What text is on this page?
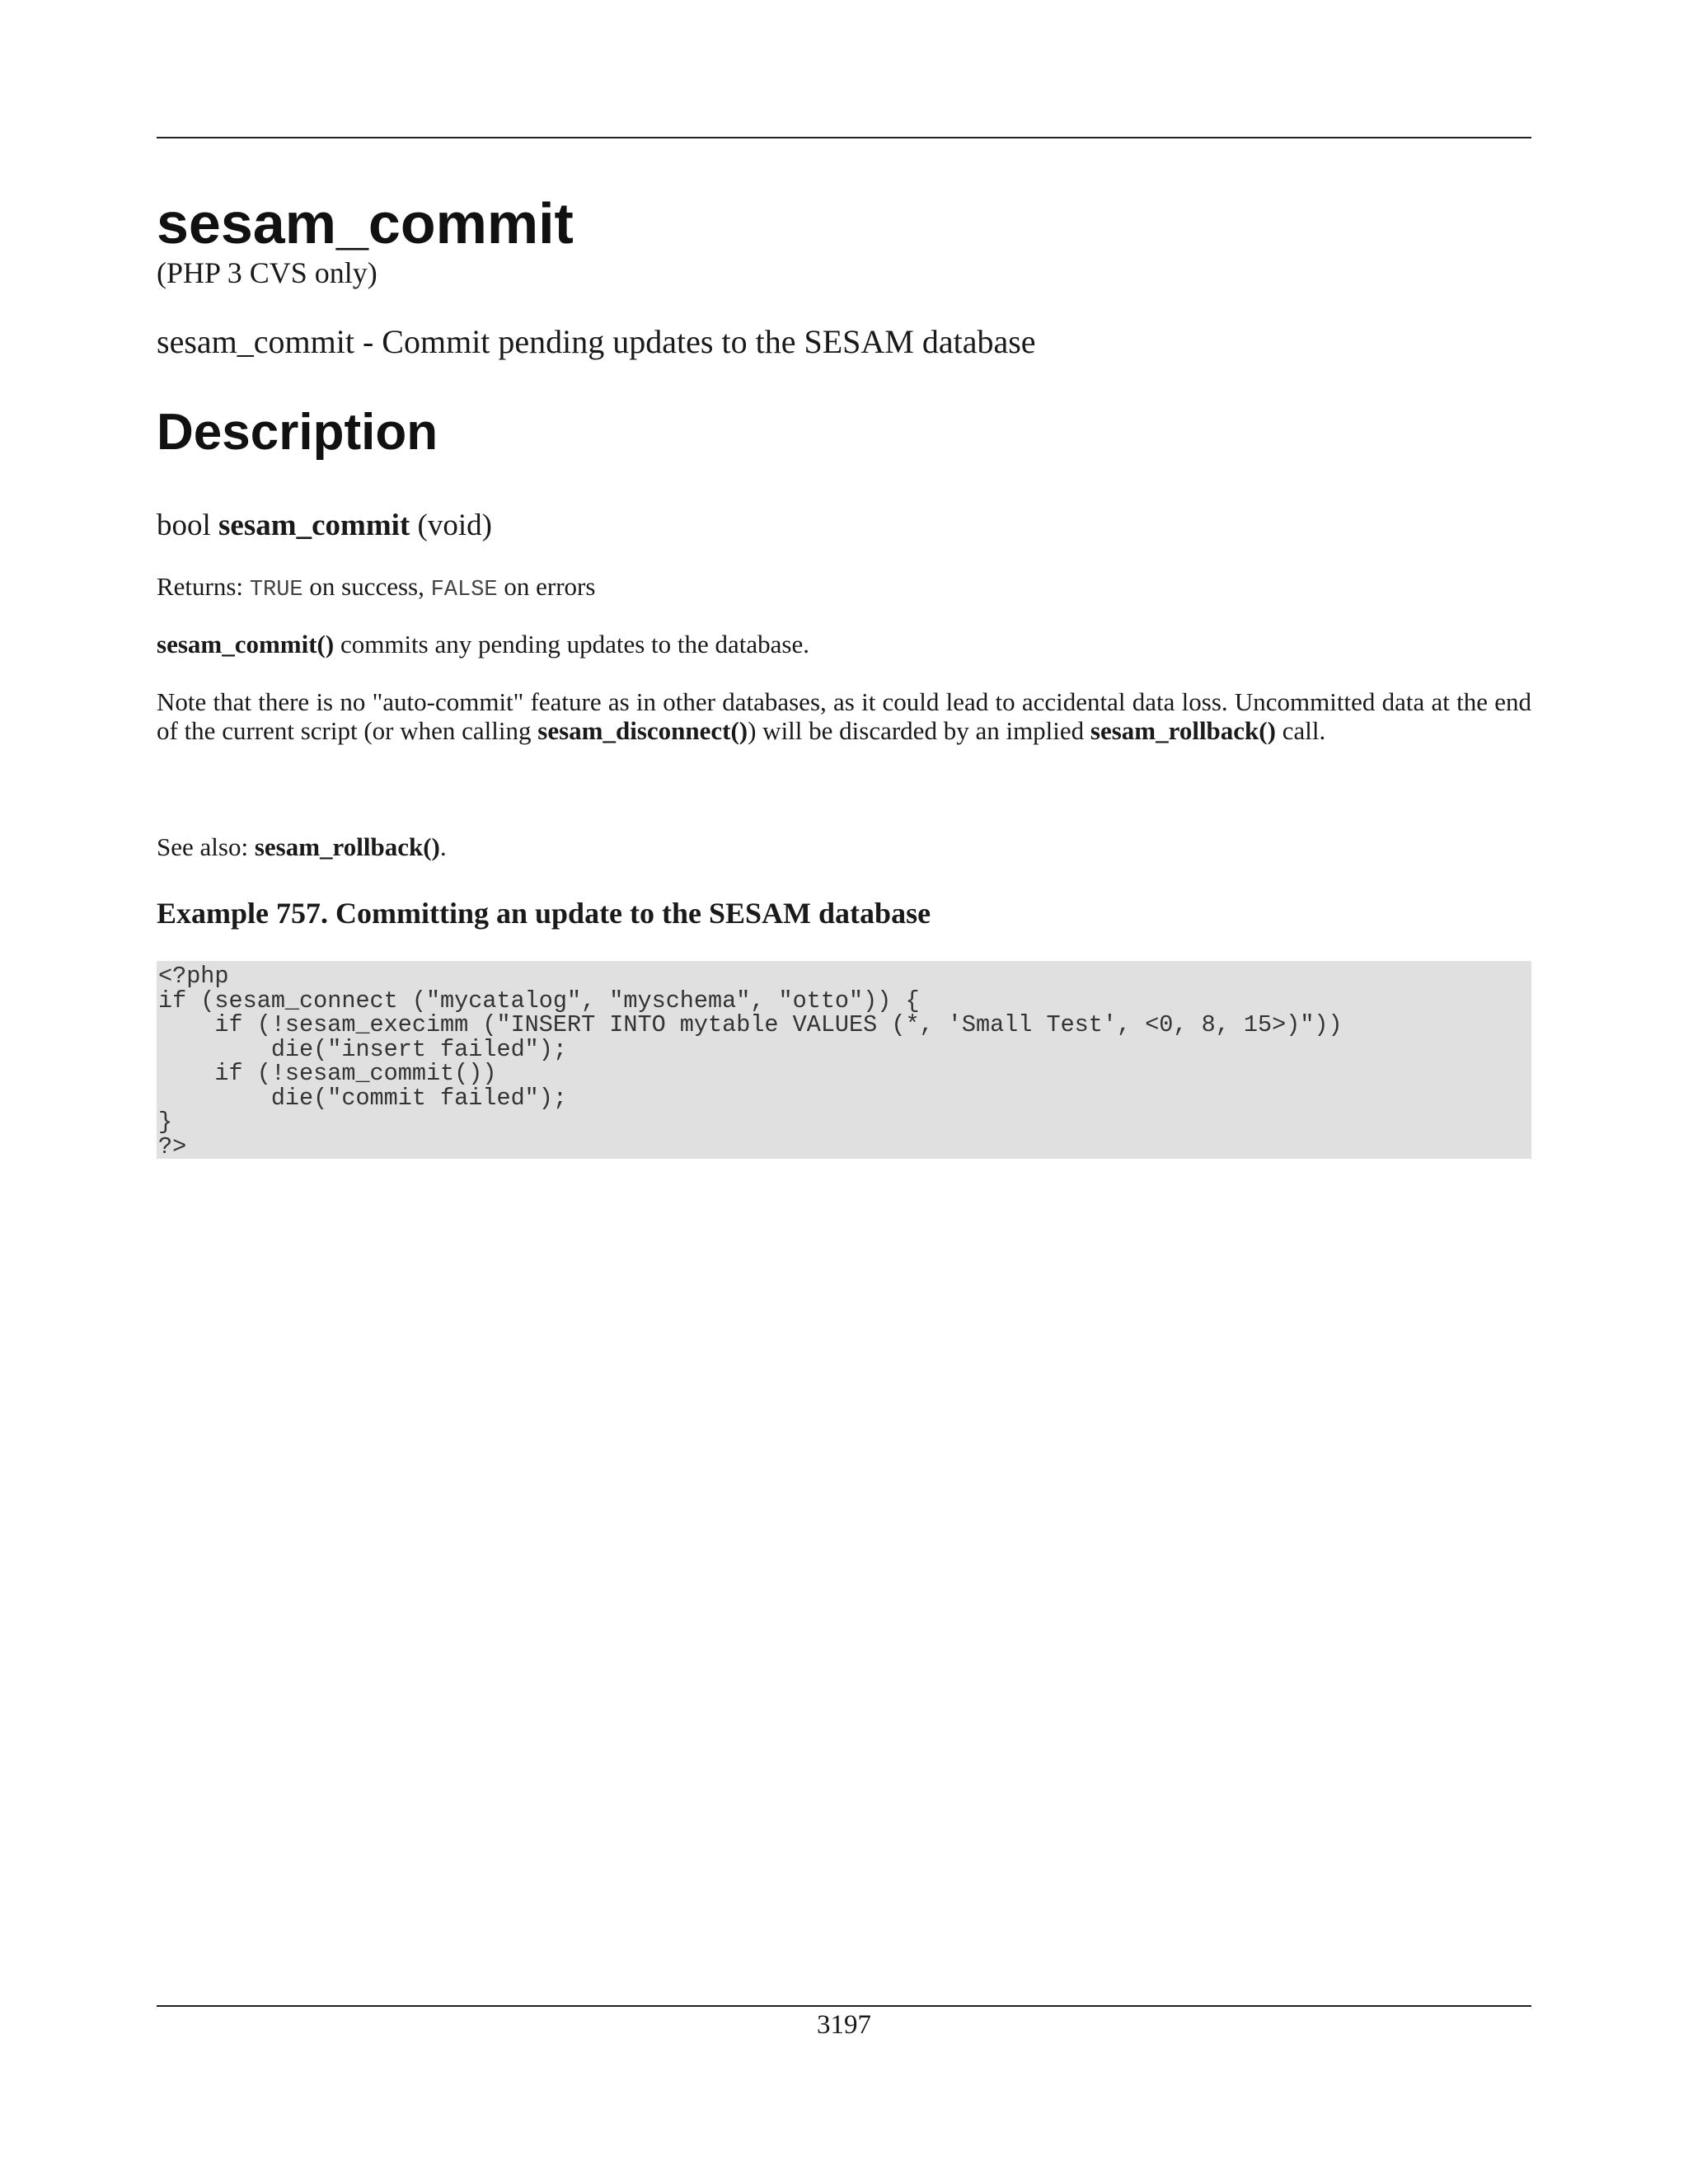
sesam_commit
(PHP 3 CVS only)
sesam_commit - Commit pending updates to the SESAM database
Description
bool sesam_commit (void)
Returns: TRUE on success, FALSE on errors
sesam_commit() commits any pending updates to the database.
Note that there is no "auto-commit" feature as in other databases, as it could lead to accidental data loss. Uncommitted data at the end of the current script (or when calling sesam_disconnect()) will be discarded by an implied sesam_rollback() call.
See also: sesam_rollback().
Example 757. Committing an update to the SESAM database
<?php
if (sesam_connect ("mycatalog", "myschema", "otto")) {
if (!sesam_execimm ("INSERT INTO mytable VALUES (*, 'Small Test', <0, 8, 15>)"))
die("insert failed");
if (!sesam_commit())
die("commit failed");
}
?>
3197
